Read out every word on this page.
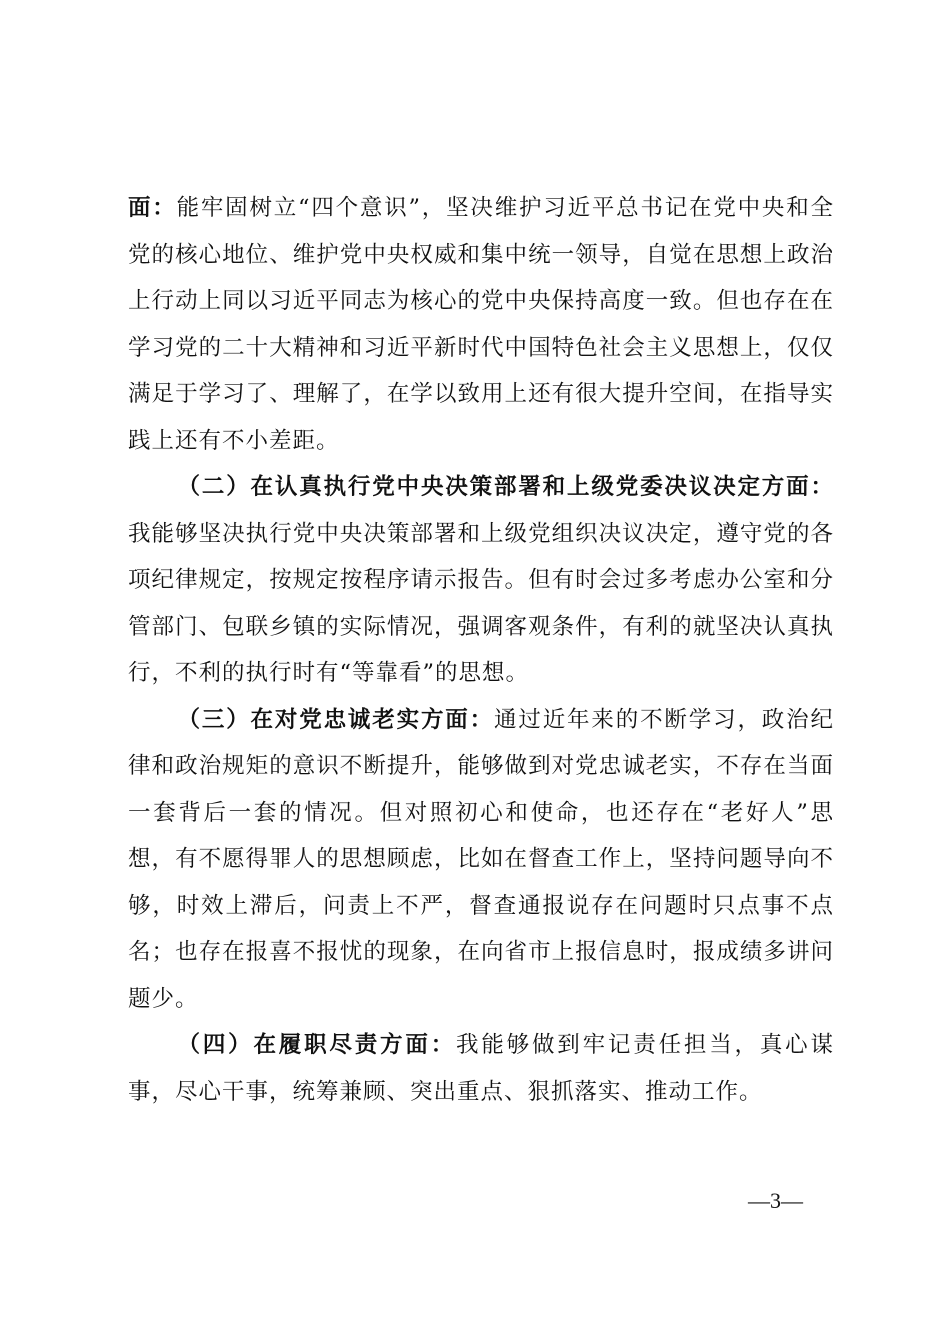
面：能牢固树立“四个意识”，坚决维护习近平总书记在党中央和全党的核心地位、维护党中央权威和集中统一领导，自觉在思想上政治上行动上同以习近平同志为核心的党中央保持高度一致。但也存在在学习党的二十大精神和习近平新时代中国特色社会主义思想上，仅仅满足于学习了、理解了，在学以致用上还有很大提升空间，在指导实践上还有不小差距。

（二）在认真执行党中央决策部署和上级党委决议决定方面：我能够坚决执行党中央决策部署和上级党组织决议决定，遵守党的各项纪律规定，按规定按程序请示报告。但有时会过多考虑办公室和分管部门、包联乡镇的实际情况，强调客观条件，有利的就坚决认真执行，不利的执行时有“等靠看”的思想。

（三）在对党忠诚老实方面：通过近年来的不断学习，政治纪律和政治规矩的意识不断提升，能够做到对党忠诚老实，不存在当面一套背后一套的情况。但对照初心和使命，也还存在“老好人”思想，有不愿得罪人的思想顾虑，比如在督查工作上，坚持问题导向不够，时效上滞后，问责上不严，督查通报说存在问题时只点事不点名；也存在报喜不报忧的现象，在向省市上报信息时，报成绩多讲问题少。

（四）在履职尽责方面：我能够做到牢记责任担当，真心谋事，尽心干事，统筹兼顾、突出重点、狠抓落实、推动工作。

—3—
